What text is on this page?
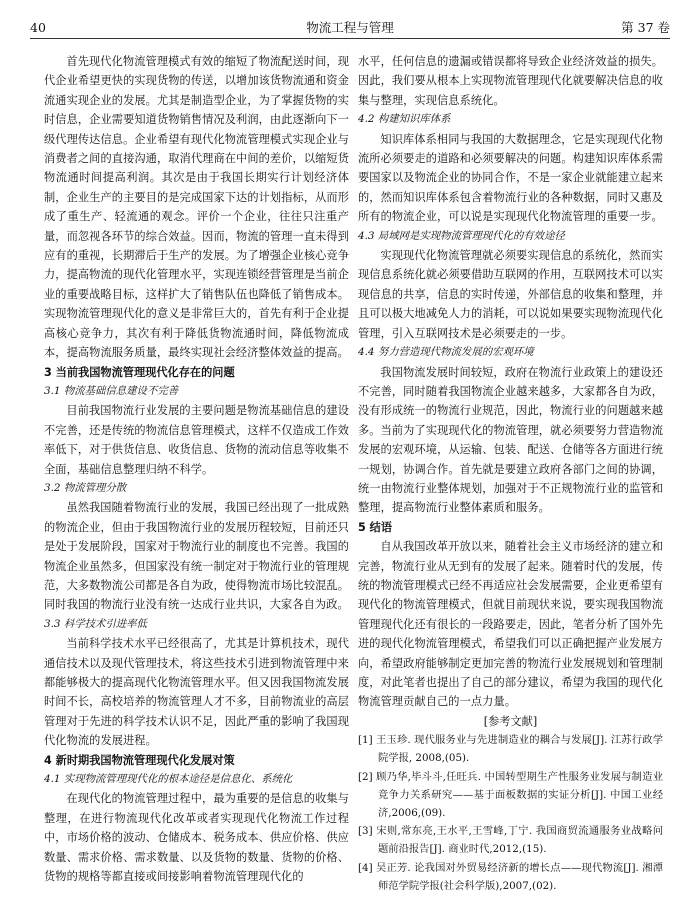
40	物流工程与管理	第 37 卷
首先现代化物流管理模式有效的缩短了物流配送时间，现代企业希望更快的实现货物的传送，以增加该货物流通和资金流通实现企业的发展。尤其是制造型企业，为了掌握货物的实时信息，企业需要知道货物销售情况及利润，由此逐渐向下一级代理传达信息。企业希望有现代化物流管理模式实现企业与消费者之间的直接沟通，取消代理商在中间的差价，以缩短货物流通时间提高利润。其次是由于我国长期实行计划经济体制，企业生产的主要目的是完成国家下达的计划指标，从而形成了重生产、轻流通的观念。评价一个企业，往往只注重产量，而忽视各环节的综合效益。因而，物流的管理一直未得到应有的重视，长期滞后于生产的发展。为了增强企业核心竞争力，提高物流的现代化管理水平，实现连锁经营管理是当前企业的重要战略目标，这样扩大了销售队伍也降低了销售成本。实现物流管理现代化的意义是非常巨大的，首先有利于企业提高核心竞争力，其次有利于降低货物流通时间，降低物流成本，提高物流服务质量，最终实现社会经济整体效益的提高。
3 当前我国物流管理现代化存在的问题
3.1 物流基础信息建设不完善
目前我国物流行业发展的主要问题是物流基础信息的建设不完善，还是传统的物流信息管理模式，这样不仅造成工作效率低下，对于供货信息、收货信息、货物的流动信息等收集不全面，基础信息整理归纳不科学。
3.2 物流管理分散
虽然我国随着物流行业的发展，我国已经出现了一批成熟的物流企业，但由于我国物流行业的发展历程较短，目前还只是处于发展阶段，国家对于物流行业的制度也不完善。我国的物流企业虽然多，但国家没有统一制定对于物流行业的管理规范，大多数物流公司都是各自为政，使得物流市场比较混乱。同时我国的物流行业没有统一达成行业共识，大家各自为政。
3.3 科学技术引进率低
当前科学技术水平已经很高了，尤其是计算机技术，现代通信技术以及现代管理技术，将这些技术引进到物流管理中来都能够极大的提高现代化物流管理水平。但又因我国物流发展时间不长，高校培养的物流管理人才不多，目前物流业的高层管理对于先进的科学技术认识不足，因此严重的影响了我国现代化物流的发展进程。
4 新时期我国物流管理现代化发展对策
4.1 实现物流管理现代化的根本途径是信息化、系统化
在现代化的物流管理过程中，最为重要的是信息的收集与整理，在进行物流现代化改革或者实现现代化物流工作过程中，市场价格的波动、仓储成本、税务成本、供应价格、供应数量、需求价格、需求数量、以及货物的数量、货物的价格、货物的规格等都直接或间接影响着物流管理现代化的
水平，任何信息的遗漏或错误都将导致企业经济效益的损失。因此，我们要从根本上实现物流管理现代化就要解决信息的收集与整理，实现信息系统化。
4.2 构建知识库体系
知识库体系相同与我国的大数据理念，它是实现现代化物流所必须要走的道路和必须要解决的问题。构建知识库体系需要国家以及物流企业的协同合作，不是一家企业就能建立起来的，然而知识库体系包含着物流行业的各种数据，同时又惠及所有的物流企业，可以说是实现现代化物流管理的重要一步。
4.3 局域网是实现物流管理现代化的有效途径
实现现代化物流管理就必须要实现信息的系统化，然而实现信息系统化就必须要借助互联网的作用，互联网技术可以实现信息的共享，信息的实时传递，外部信息的收集和整理，并且可以极大地减免人力的消耗，可以说如果要实现物流现代化管理，引入互联网技术是必须要走的一步。
4.4 努力营造现代物流发展的宏观环境
我国物流发展时间较短，政府在物流行业政策上的建设还不完善，同时随着我国物流企业越来越多，大家都各自为政，没有形成统一的物流行业规范，因此，物流行业的问题越来越多。当前为了实现现代化的物流管理，就必须要努力营造物流发展的宏观环境，从运输、包装、配送、仓储等各方面进行统一规划，协调合作。首先就是要建立政府各部门之间的协调，统一由物流行业整体规划，加强对于不正规物流行业的监管和整理，提高物流行业整体素质和服务。
5 结语
自从我国改革开放以来，随着社会主义市场经济的建立和完善，物流行业从无到有的发展了起来。随着时代的发展，传统的物流管理模式已经不再适应社会发展需要，企业更希望有现代化的物流管理模式，但就目前现状来说，要实现我国物流管理现代化还有很长的一段路要走，因此，笔者分析了国外先进的现代化物流管理模式，希望我们可以正确把握产业发展方向，希望政府能够制定更加完善的物流行业发展规划和管理制度，对此笔者也提出了自己的部分建议，希望为我国的现代化物流管理贡献自己的一点力量。
[参考文献]
[1] 王玉珍. 现代服务业与先进制造业的耦合与发展[J]. 江苏行政学院学报, 2008,(05).
[2] 顾乃华,毕斗斗,任旺兵. 中国转型期生产性服务业发展与制造业竞争力关系研究——基于面板数据的实证分析[J]. 中国工业经济,2006,(09).
[3] 宋则,常东亮,王水平,王雪峰,丁宁. 我国商贸流通服务业战略问题前沿报告[J]. 商业时代,2012,(15).
[4] 吴正芳. 论我国对外贸易经济新的增长点——现代物流[J]. 湘潭师范学院学报(社会科学版),2007,(02).
